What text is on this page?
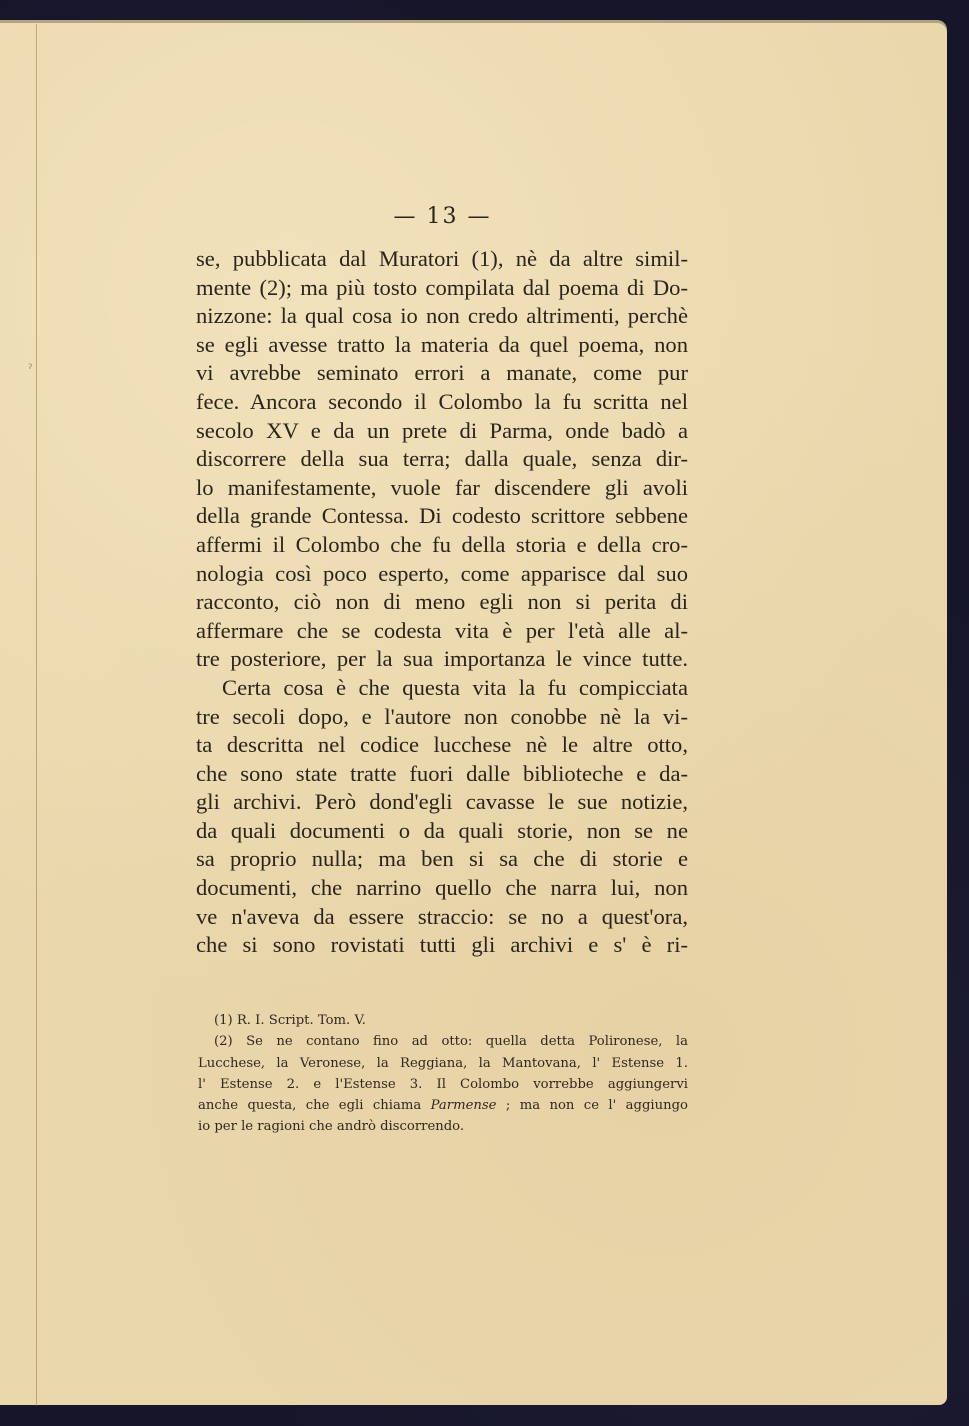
ˀ
— 13 —
se, pubblicata dal Muratori (1), nè da altre simil-
mente (2); ma più tosto compilata dal poema di Do-
nizzone: la qual cosa io non credo altrimenti, perchè
se egli avesse tratto la materia da quel poema, non
vi avrebbe seminato errori a manate, come pur
fece. Ancora secondo il Colombo la fu scritta nel
secolo XV e da un prete di Parma, onde badò a
discorrere della sua terra; dalla quale, senza dir-
lo manifestamente, vuole far discendere gli avoli
della grande Contessa. Di codesto scrittore sebbene
affermi il Colombo che fu della storia e della cro-
nologia così poco esperto, come apparisce dal suo
racconto, ciò non di meno egli non si perita di
affermare che se codesta vita è per l'età alle al-
tre posteriore, per la sua importanza le vince tutte.
Certa cosa è che questa vita la fu compicciata
tre secoli dopo, e l'autore non conobbe nè la vi-
ta descritta nel codice lucchese nè le altre otto,
che sono state tratte fuori dalle biblioteche e da-
gli archivi. Però dond'egli cavasse le sue notizie,
da quali documenti o da quali storie, non se ne
sa proprio nulla; ma ben si sa che di storie e
documenti, che narrino quello che narra lui, non
ve n'aveva da essere straccio: se no a quest'ora,
che si sono rovistati tutti gli archivi e s' è ri-
(1) R. I. Script. Tom. V.
(2) Se ne contano fino ad otto: quella detta Polironese, la
Lucchese, la Veronese, la Reggiana, la Mantovana, l' Estense 1.
l' Estense 2. e l'Estense 3. Il Colombo vorrebbe aggiungervi
anche questa, che egli chiama Parmense ; ma non ce l' aggiungo
io per le ragioni che andrò discorrendo.
